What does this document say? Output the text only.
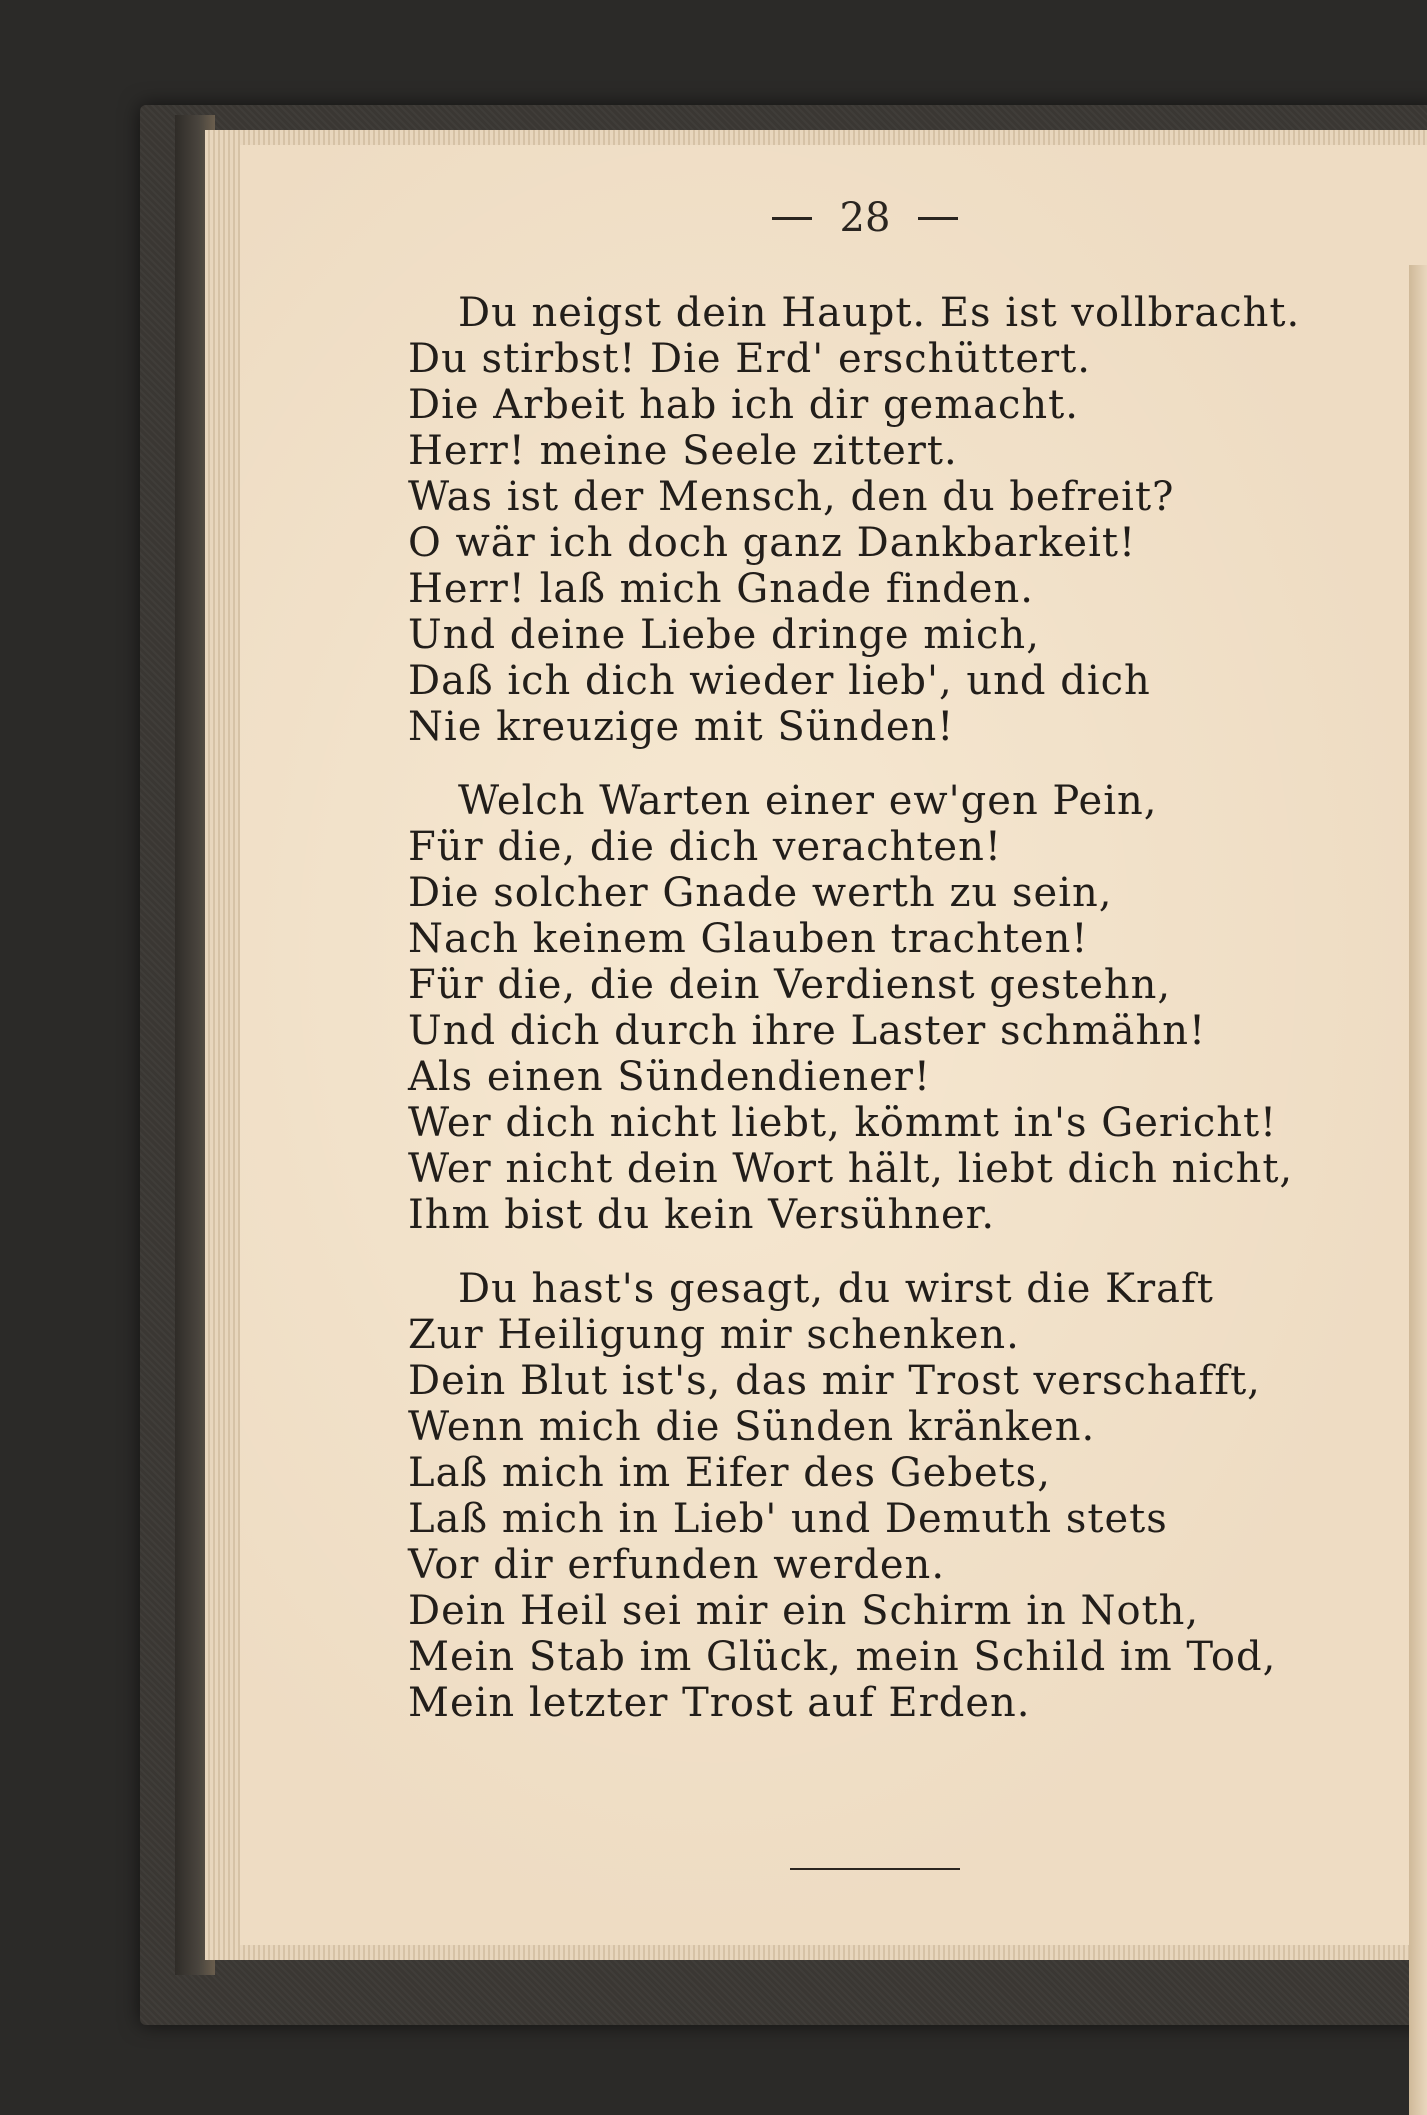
28
Du neigst dein Haupt. Es ist vollbracht.
Du stirbst! Die Erd' erschüttert.
Die Arbeit hab ich dir gemacht.
Herr! meine Seele zittert.
Was ist der Mensch, den du befreit?
O wär ich doch ganz Dankbarkeit!
Herr! laß mich Gnade finden.
Und deine Liebe dringe mich,
Daß ich dich wieder lieb', und dich
Nie kreuzige mit Sünden!
Welch Warten einer ew'gen Pein,
Für die, die dich verachten!
Die solcher Gnade werth zu sein,
Nach keinem Glauben trachten!
Für die, die dein Verdienst gestehn,
Und dich durch ihre Laster schmähn!
Als einen Sündendiener!
Wer dich nicht liebt, kömmt in's Gericht!
Wer nicht dein Wort hält, liebt dich nicht,
Ihm bist du kein Versühner.
Du hast's gesagt, du wirst die Kraft
Zur Heiligung mir schenken.
Dein Blut ist's, das mir Trost verschafft,
Wenn mich die Sünden kränken.
Laß mich im Eifer des Gebets,
Laß mich in Lieb' und Demuth stets
Vor dir erfunden werden.
Dein Heil sei mir ein Schirm in Noth,
Mein Stab im Glück, mein Schild im Tod,
Mein letzter Trost auf Erden.
